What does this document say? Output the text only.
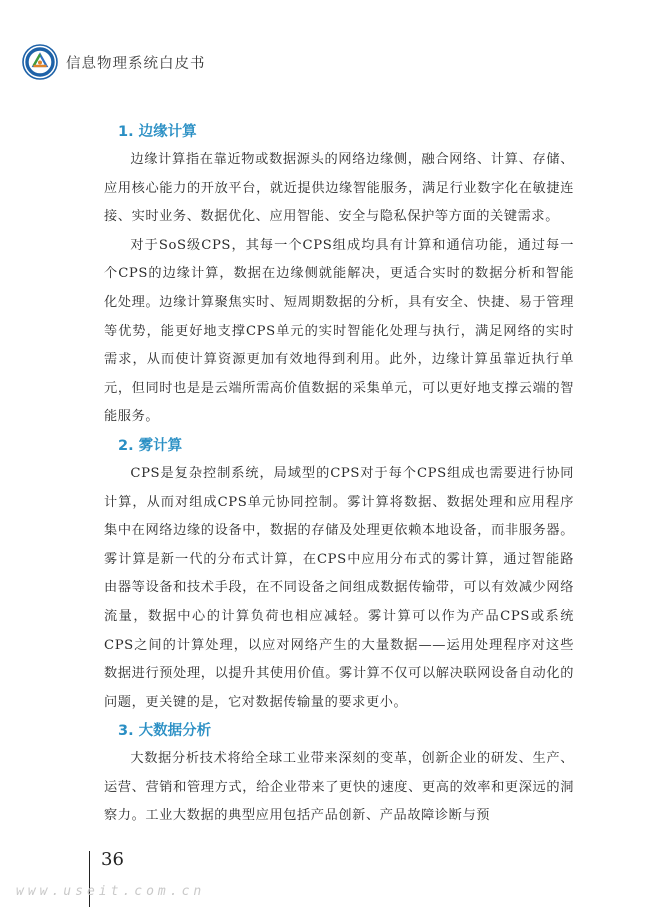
信息物理系统白皮书

1. 边缘计算

边缘计算指在靠近物或数据源头的网络边缘侧，融合网络、计算、存储、应用核心能力的开放平台，就近提供边缘智能服务，满足行业数字化在敏捷连接、实时业务、数据优化、应用智能、安全与隐私保护等方面的关键需求。

对于SoS级CPS，其每一个CPS组成均具有计算和通信功能，通过每一个CPS的边缘计算，数据在边缘侧就能解决，更适合实时的数据分析和智能化处理。边缘计算聚焦实时、短周期数据的分析，具有安全、快捷、易于管理等优势，能更好地支撑CPS单元的实时智能化处理与执行，满足网络的实时需求，从而使计算资源更加有效地得到利用。此外，边缘计算虽靠近执行单元，但同时也是是云端所需高价值数据的采集单元，可以更好地支撑云端的智能服务。

2. 雾计算

CPS是复杂控制系统，局域型的CPS对于每个CPS组成也需要进行协同计算，从而对组成CPS单元协同控制。雾计算将数据、数据处理和应用程序集中在网络边缘的设备中，数据的存储及处理更依赖本地设备，而非服务器。雾计算是新一代的分布式计算，在CPS中应用分布式的雾计算，通过智能路由器等设备和技术手段，在不同设备之间组成数据传输带，可以有效减少网络流量，数据中心的计算负荷也相应减轻。雾计算可以作为产品CPS或系统CPS之间的计算处理，以应对网络产生的大量数据——运用处理程序对这些数据进行预处理，以提升其使用价值。雾计算不仅可以解决联网设备自动化的问题，更关键的是，它对数据传输量的要求更小。

3. 大数据分析

大数据分析技术将给全球工业带来深刻的变革，创新企业的研发、生产、运营、营销和管理方式，给企业带来了更快的速度、更高的效率和更深远的洞察力。工业大数据的典型应用包括产品创新、产品故障诊断与预

36
www.useit.com.cn
